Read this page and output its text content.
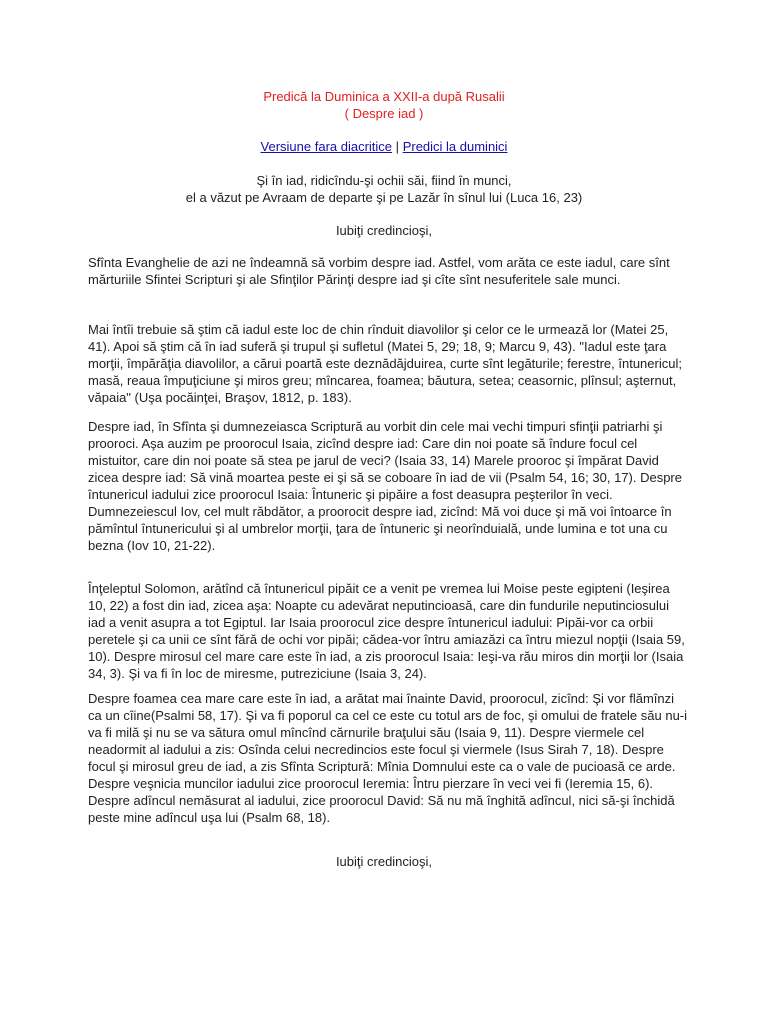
Predică la Duminica a XXII-a după Rusalii
( Despre iad )
Versiune fara diacritice | Predici la duminici
Şi în iad, ridicîndu-şi ochii săi, fiind în munci,
el a văzut pe Avraam de departe şi pe Lazăr în sînul lui (Luca 16, 23)
Iubiţi credincioşi,

Sfînta Evanghelie de azi ne îndeamnă să vorbim despre iad. Astfel, vom arăta ce este iadul, care sînt mărturiile Sfintei Scripturi şi ale Sfinţilor Părinţi despre iad şi cîte sînt nesuferitele sale munci.

Mai întîi trebuie să ştim că iadul este loc de chin rînduit diavolilor şi celor ce le urmează lor (Matei 25, 41). Apoi să ştim că în iad suferă şi trupul şi sufletul (Matei 5, 29; 18, 9; Marcu 9, 43). "Iadul este ţara morţii, împărăţia diavolilor, a cărui poartă este deznădăjduirea, curte sînt legăturile; ferestre, întunericul; masă, reaua împuţiciune şi miros greu; mîncarea, foamea; băutura, setea; ceasornic, plînsul; aşternut, văpaia" (Uşa pocăinţei, Braşov, 1812, p. 183).

Despre iad, în Sfînta şi dumnezeiasca Scriptură au vorbit din cele mai vechi timpuri sfinţii patriarhi şi prooroci. Aşa auzim pe proorocul Isaia, zicînd despre iad: Care din noi poate să îndure focul cel mistuitor, care din noi poate să stea pe jarul de veci? (Isaia 33, 14) Marele prooroc şi împărat David zicea despre iad: Să vină moartea peste ei şi să se coboare în iad de vii (Psalm 54, 16; 30, 17). Despre întunericul iadului zice proorocul Isaia: Întuneric şi pipăire a fost deasupra peşterilor în veci. Dumnezeiescul Iov, cel mult răbdător, a proorocit despre iad, zicînd: Mă voi duce şi mă voi întoarce în pămîntul întunericului şi al umbrelor morţii, ţara de întuneric şi neorînduială, unde lumina e tot una cu bezna (Iov 10, 21-22).

Înţeleptul Solomon, arătînd că întunericul pipăit ce a venit pe vremea lui Moise peste egipteni (Ieşirea 10, 22) a fost din iad, zicea aşa: Noapte cu adevărat neputincioasă, care din fundurile neputinciosului iad a venit asupra a tot Egiptul. Iar Isaia proorocul zice despre întunericul iadului: Pipăi-vor ca orbii peretele şi ca unii ce sînt fără de ochi vor pipăi; cădea-vor întru amiazăzi ca întru miezul nopţii (Isaia 59, 10). Despre mirosul cel mare care este în iad, a zis proorocul Isaia: Ieşi-va rău miros din morţii lor (Isaia 34, 3). Şi va fi în loc de miresme, putreziciune (Isaia 3, 24).

Despre foamea cea mare care este în iad, a arătat mai înainte David, proorocul, zicînd: Şi vor flămînzi ca un cîine(Psalmi 58, 17). Şi va fi poporul ca cel ce este cu totul ars de foc, şi omului de fratele său nu-i va fi milă şi nu se va sătura omul mîncînd cărnurile braţului său (Isaia 9, 11). Despre viermele cel neadormit al iadului a zis: Osînda celui necredincios este focul şi viermele (Isus Sirah 7, 18). Despre focul şi mirosul greu de iad, a zis Sfînta Scriptură: Mînia Domnului este ca o vale de pucioasă ce arde. Despre veşnicia muncilor iadului zice proorocul Ieremia: Întru pierzare în veci vei fi (Ieremia 15, 6). Despre adîncul nemăsurat al iadului, zice proorocul David: Să nu mă înghită adîncul, nici să-şi închidă peste mine adîncul uşa lui (Psalm 68, 18).

Iubiţi credincioşi,
